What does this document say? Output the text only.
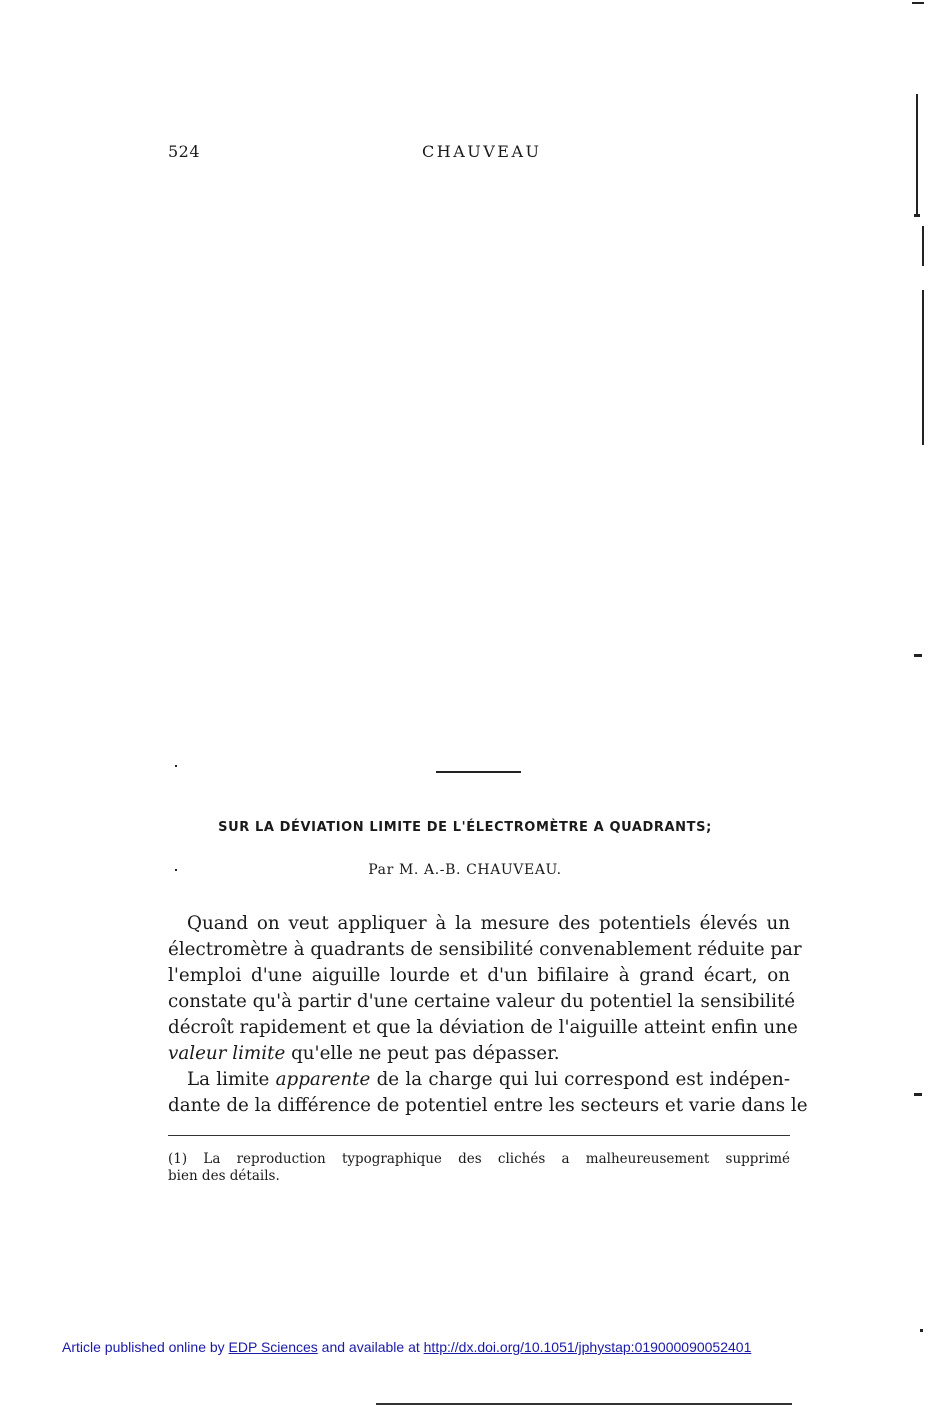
524	CHAUVEAU
SUR LA DÉVIATION LIMITE DE L'ÉLECTROMÈTRE A QUADRANTS;
Par M. A.-B. CHAUVEAU.
Quand on veut appliquer à la mesure des potentiels élevés un
électromètre à quadrants de sensibilité convenablement réduite par
l'emploi d'une aiguille lourde et d'un bifilaire à grand écart, on
constate qu'à partir d'une certaine valeur du potentiel la sensibilité
décroît rapidement et que la déviation de l'aiguille atteint enfin une
valeur limite qu'elle ne peut pas dépasser.
La limite apparente de la charge qui lui correspond est indépen-
dante de la différence de potentiel entre les secteurs et varie dans le
(1) La reproduction typographique des clichés a malheureusement supprimé
bien des détails.
Article published online by EDP Sciences and available at http://dx.doi.org/10.1051/jphystap:019000090052401
